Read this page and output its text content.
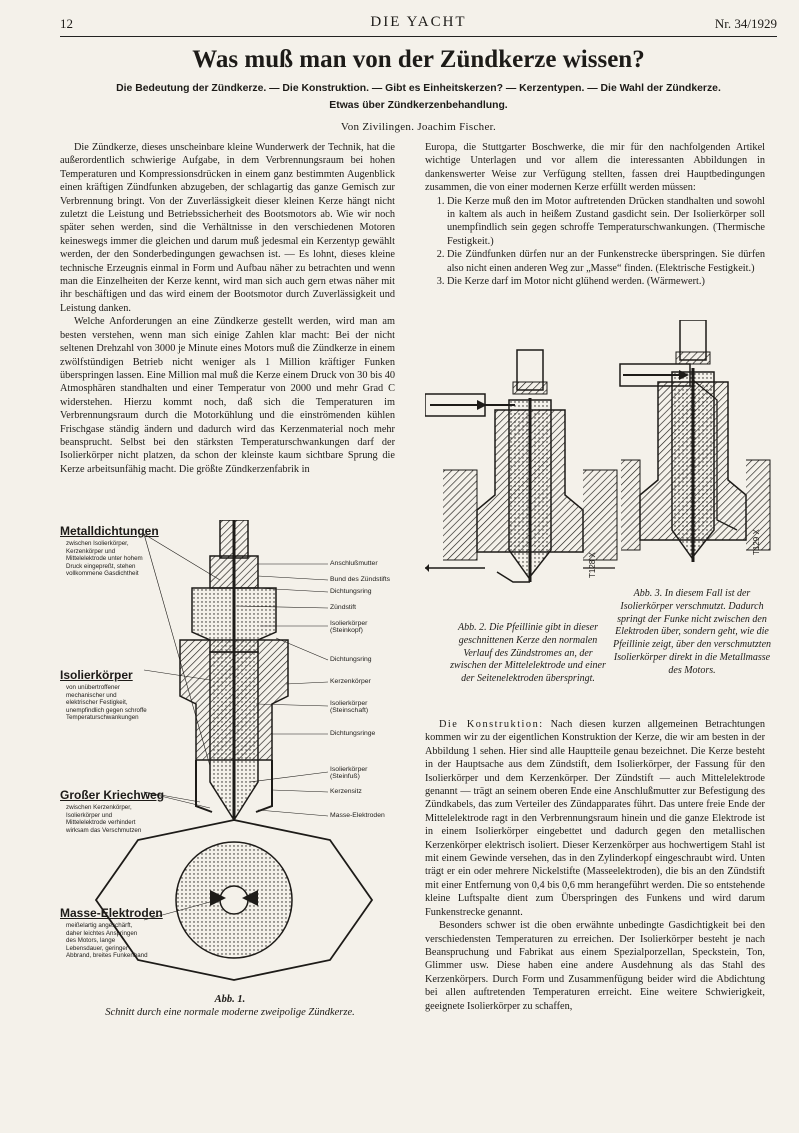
12	DIE YACHT	Nr. 34/1929
Was muß man von der Zündkerze wissen?
Die Bedeutung der Zündkerze. — Die Konstruktion. — Gibt es Einheitskerzen? — Kerzentypen. — Die Wahl der Zündkerze.
Etwas über Zündkerzenbehandlung.
Von Zivilingen. Joachim Fischer.

Die Zündkerze, dieses unscheinbare kleine Wunderwerk der Technik, hat die außerordentlich schwierige Aufgabe, in dem Verbrennungsraum bei hohen Temperaturen und Kompressionsdrücken in einem ganz bestimmten Augenblick einen kräftigen Zündfunken abzugeben, der schlagartig das ganze Gemisch zur Verbrennung bringt. Von der Zuverlässigkeit dieser kleinen Kerze hängt nicht zuletzt die Leistung und Betriebssicherheit des Bootsmotors ab. Wie wir noch später sehen werden, sind die Verhältnisse in den verschiedenen Motoren keineswegs immer die gleichen und darum muß jedesmal ein Kerzentyp gewählt werden, der den Sonderbedingungen gewachsen ist. — Es lohnt, dieses kleine technische Erzeugnis einmal in Form und Aufbau näher zu betrachten und wenn man die Einzelheiten der Kerze kennt, wird man sich auch gern etwas näher mit ihr beschäftigen und das wird einem der Bootsmotor durch Zuverlässigkeit und Leistung danken.

Welche Anforderungen an eine Zündkerze gestellt werden, wird man am besten verstehen, wenn man sich einige Zahlen klar macht: Bei der nicht seltenen Drehzahl von 3000 je Minute eines Motors muß die Zündkerze in einem zwölfstündigen Betrieb nicht weniger als 1 Million kräftiger Funken überspringen lassen. Eine Million mal muß die Kerze einem Druck von 30 bis 40 Atmosphären standhalten und einer Temperatur von 2000 und mehr Grad C widerstehen. Hierzu kommt noch, daß sich die Temperaturen im Verbrennungsraum durch die Motorkühlung und die einströmenden kühlen Frischgase ständig ändern und dadurch wird das Kerzenmaterial noch mehr beansprucht. Selbst bei den stärksten Temperaturschwankungen darf der Isolierkörper nicht platzen, da schon der kleinste kaum sichtbare Sprung die Kerze arbeitsunfähig macht. Die größte Zündkerzenfabrik in

Europa, die Stuttgarter Boschwerke, die mir für den nachfolgenden Artikel wichtige Unterlagen und vor allem die interessanten Abbildungen in dankenswerter Weise zur Verfügung stellten, fassen drei Hauptbedingungen zusammen, die von einer modernen Kerze erfüllt werden müssen:

1. Die Kerze muß den im Motor auftretenden Drücken standhalten und sowohl in kaltem als auch in heißem Zustand gasdicht sein. Der Isolierkörper soll unempfindlich sein gegen schroffe Temperaturschwankungen. (Thermische Festigkeit.)
2. Die Zündfunken dürfen nur an der Funkenstrecke überspringen. Sie dürfen also nicht einen anderen Weg zur „Masse“ finden. (Elektrische Festigkeit.)
3. Die Kerze darf im Motor nicht glühend werden. (Wärmewert.)
T128 X
T129 X
Abb. 2. Die Pfeillinie gibt in dieser geschnittenen Kerze den normalen Verlauf des Zündstromes an, der zwischen der Mittelelektrode und einer der Seitenelektroden überspringt.
Abb. 3. In diesem Fall ist der Isolierkörper verschmutzt. Dadurch springt der Funke nicht zwischen den Elektroden über, sondern geht, wie die Pfeillinie zeigt, über den verschmutzten Isolierkörper direkt in die Metallmasse des Motors.

Die Konstruktion: Nach diesen kurzen allgemeinen Betrachtungen kommen wir zu der eigentlichen Konstruktion der Kerze, die wir am besten in der Abbildung 1 sehen. Hier sind alle Hauptteile genau bezeichnet. Die Kerze besteht in der Hauptsache aus dem Zündstift, dem Isolierkörper, der Fassung für den Isolierkörper und dem Kerzenkörper. Der Zündstift — auch Mittelelektrode genannt — trägt an seinem oberen Ende eine Anschlußmutter zur Befestigung des Zündkabels, das zum Verteiler des Zündapparates führt. Das untere freie Ende der Mittelelektrode ragt in den Verbrennungsraum hinein und die ganze Elektrode ist in einem Isolierkörper eingebettet und dadurch gegen den metallischen Kerzenkörper elektrisch isoliert. Dieser Kerzenkörper aus hochwertigem Stahl ist mit einem Gewinde versehen, das in den Zylinderkopf eingeschraubt wird. Unten trägt er ein oder mehrere Nickelstifte (Masseelektroden), die bis an den Zündstift mit einer Entfernung von 0,4 bis 0,6 mm herangeführt werden. Die so entstehende kleine Luftspalte dient zum Überspringen des Funkens und wird darum Funkenstrecke genannt.

Besonders schwer ist die oben erwähnte unbedingte Gasdichtigkeit bei den verschiedensten Temperaturen zu erreichen. Der Isolierkörper besteht je nach Beanspruchung und Fabrikat aus einem Spezialporzellan, Speckstein, Ton, Glimmer usw. Diese haben eine andere Ausdehnung als das Stahl des Kerzenkörpers. Durch Form und Zusammenfügung beider wird die Abdichtung bei allen auftretenden Temperaturen erreicht. Eine weitere Schwierigkeit, geeignete Isolierkörper zu schaffen,

Metalldichtungen
zwischen Isolierkörper, Kerzenkörper und Mittelelektrode unter hohem Druck eingepreßt, stehen vollkommene Gasdichtheit
Isolierkörper
von unübertroffener mechanischer und elektrischer Festigkeit, unempfindlich gegen schroffe Temperaturschwankungen
Großer Kriechweg
zwischen Kerzenkörper, Isolierkörper und Mittelelektrode verhindert wirksam das Verschmutzen
Masse-Elektroden
meißelartig angeschärft, daher leichtes Anspringen des Motors, lange Lebensdauer, geringer Abbrand, breites Funkenband
Anschlußmutter
Bund des Zündstifts
Dichtungsring
Zündstift
Isolierkörper (Steinkopf)
Dichtungsring
Kerzenkörper
Isolierkörper (Steinschaft)
Dichtungsringe
Isolierkörper (Steinfuß)
Kerzensitz
Masse-Elektroden
Abb. 1.
Schnitt durch eine normale moderne zweipolige Zündkerze.
